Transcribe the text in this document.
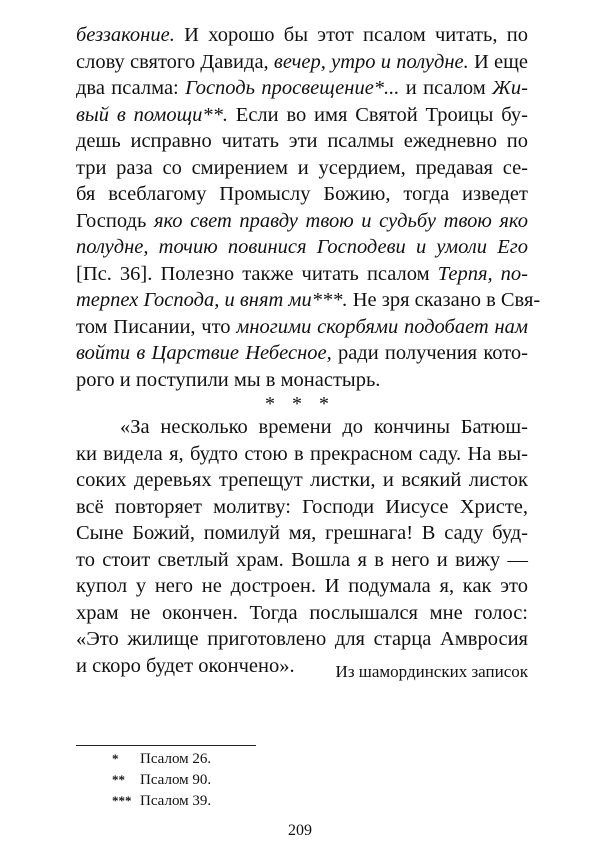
беззаконие. И хорошо бы этот псалом читать, по
слову святого Давида, вечер, утро и полудне. И еще
два псалма: Господь просвещение*... и псалом Жи-
вый в помощи**. Если во имя Святой Троицы бу-
дешь исправно читать эти псалмы ежедневно по
три раза со смирением и усердием, предавая се-
бя всеблагому Промыслу Божию, тогда изведет
Господь яко свет правду твою и судьбу твою яко
полудне, точию повинися Господеви и умоли Его
[Пс. 36]. Полезно также читать псалом Терпя, по-
терпех Господа, и внят ми***. Не зря сказано в Свя-
том Писании, что многими скорбями подобает нам
войти в Царствие Небесное, ради получения кото-
рого и поступили мы в монастырь.
* * *
«За несколько времени до кончины Батюш-
ки видела я, будто стою в прекрасном саду. На вы-
соких деревьях трепещут листки, и всякий листок
всё повторяет молитву: Господи Иисусе Христе,
Сыне Божий, помилуй мя, грешнага! В саду буд-
то стоит светлый храм. Вошла я в него и вижу —
купол у него не достроен. И подумала я, как это
храм не окончен. Тогда послышался мне голос:
«Это жилище приготовлено для старца Амвросия
и скоро будет окончено».	Из шамординских записок
* Псалом 26.
** Псалом 90.
*** Псалом 39.
209
